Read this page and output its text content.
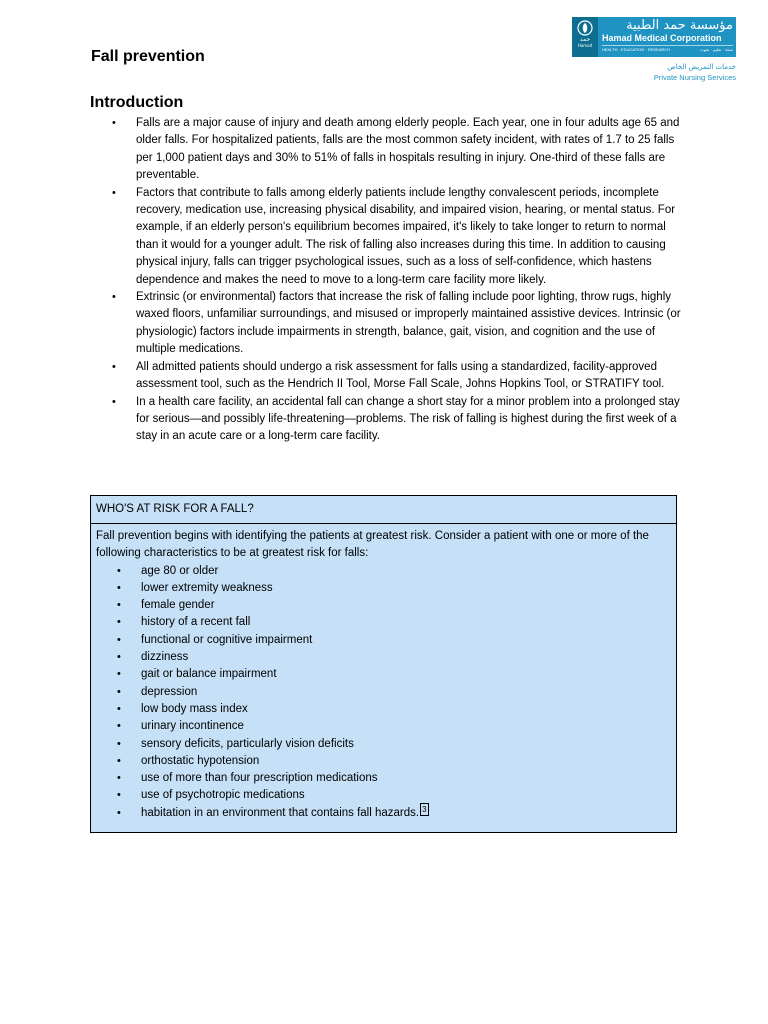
حمد
Hamad
مؤسسة حمد الطبية
Hamad Medical Corporation
HEALTH · EDUCATION · RESEARCH	صحة · تعليم · بحوث
خدمات التمريض الخاص
Private Nursing Services
Fall prevention
Introduction
• Falls are a major cause of injury and death among elderly people. Each year, one in four adults age 65 and older falls. For hospitalized patients, falls are the most common safety incident, with rates of 1.7 to 25 falls per 1,000 patient days and 30% to 51% of falls in hospitals resulting in injury. One-third of these falls are preventable.
• Factors that contribute to falls among elderly patients include lengthy convalescent periods, incomplete recovery, medication use, increasing physical disability, and impaired vision, hearing, or mental status. For example, if an elderly person's equilibrium becomes impaired, it's likely to take longer to return to normal than it would for a younger adult. The risk of falling also increases during this time. In addition to causing physical injury, falls can trigger psychological issues, such as a loss of self-confidence, which hastens dependence and makes the need to move to a long-term care facility more likely.
• Extrinsic (or environmental) factors that increase the risk of falling include poor lighting, throw rugs, highly waxed floors, unfamiliar surroundings, and misused or improperly maintained assistive devices. Intrinsic (or physiologic) factors include impairments in strength, balance, gait, vision, and cognition and the use of multiple medications.
• All admitted patients should undergo a risk assessment for falls using a standardized, facility-approved assessment tool, such as the Hendrich II Tool, Morse Fall Scale, Johns Hopkins Tool, or STRATIFY tool.
• In a health care facility, an accidental fall can change a short stay for a minor problem into a prolonged stay for serious—and possibly life-threatening—problems. The risk of falling is highest during the first week of a stay in an acute care or a long-term care facility.
WHO'S AT RISK FOR A FALL?

Fall prevention begins with identifying the patients at greatest risk. Consider a patient with one or more of the following characteristics to be at greatest risk for falls:

• age 80 or older
• lower extremity weakness
• female gender
• history of a recent fall
• functional or cognitive impairment
• dizziness
• gait or balance impairment
• depression
• low body mass index
• urinary incontinence
• sensory deficits, particularly vision deficits
• orthostatic hypotension
• use of more than four prescription medications
• use of psychotropic medications
• habitation in an environment that contains fall hazards. 3
